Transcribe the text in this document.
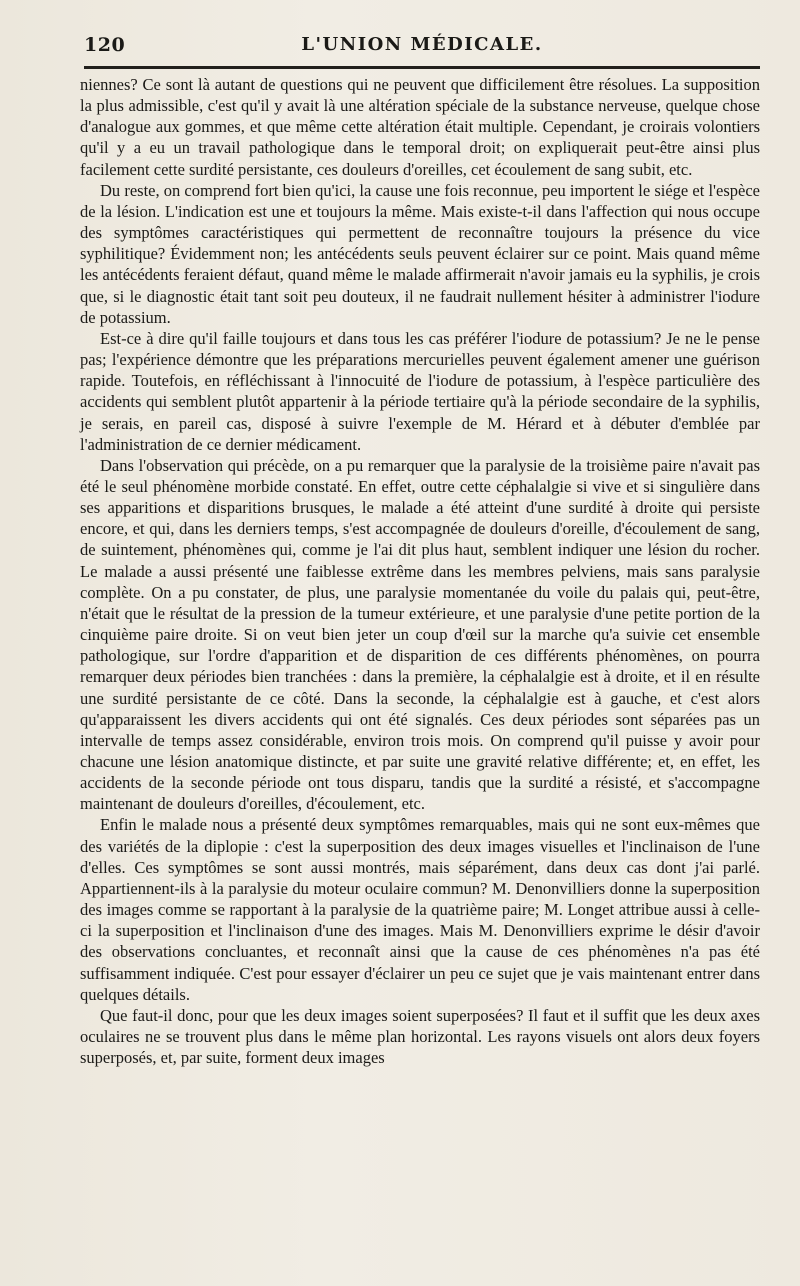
120	L'UNION MÉDICALE.

niennes? Ce sont là autant de questions qui ne peuvent que difficilement être résolues. La supposition la plus admissible, c'est qu'il y avait là une altération spéciale de la substance nerveuse, quelque chose d'analogue aux gommes, et que même cette altération était multiple. Cependant, je croirais volontiers qu'il y a eu un travail pathologique dans le temporal droit; on expliquerait peut-être ainsi plus facilement cette surdité persistante, ces douleurs d'oreilles, cet écoulement de sang subit, etc.

Du reste, on comprend fort bien qu'ici, la cause une fois reconnue, peu importent le siége et l'espèce de la lésion. L'indication est une et toujours la même. Mais existe-t-il dans l'affection qui nous occupe des symptômes caractéristiques qui permettent de reconnaître toujours la présence du vice syphilitique? Évidemment non; les antécédents seuls peuvent éclairer sur ce point. Mais quand même les antécédents feraient défaut, quand même le malade affirmerait n'avoir jamais eu la syphilis, je crois que, si le diagnostic était tant soit peu douteux, il ne faudrait nullement hésiter à administrer l'iodure de potassium.

Est-ce à dire qu'il faille toujours et dans tous les cas préférer l'iodure de potassium? Je ne le pense pas; l'expérience démontre que les préparations mercurielles peuvent également amener une guérison rapide. Toutefois, en réfléchissant à l'innocuité de l'iodure de potassium, à l'espèce particulière des accidents qui semblent plutôt appartenir à la période tertiaire qu'à la période secondaire de la syphilis, je serais, en pareil cas, disposé à suivre l'exemple de M. Hérard et à débuter d'emblée par l'administration de ce dernier médicament.

Dans l'observation qui précède, on a pu remarquer que la paralysie de la troisième paire n'avait pas été le seul phénomène morbide constaté. En effet, outre cette céphalalgie si vive et si singulière dans ses apparitions et disparitions brusques, le malade a été atteint d'une surdité à droite qui persiste encore, et qui, dans les derniers temps, s'est accompagnée de douleurs d'oreille, d'écoulement de sang, de suintement, phénomènes qui, comme je l'ai dit plus haut, semblent indiquer une lésion du rocher. Le malade a aussi présenté une faiblesse extrême dans les membres pelviens, mais sans paralysie complète. On a pu constater, de plus, une paralysie momentanée du voile du palais qui, peut-être, n'était que le résultat de la pression de la tumeur extérieure, et une paralysie d'une petite portion de la cinquième paire droite. Si on veut bien jeter un coup d'œil sur la marche qu'a suivie cet ensemble pathologique, sur l'ordre d'apparition et de disparition de ces différents phénomènes, on pourra remarquer deux périodes bien tranchées : dans la première, la céphalalgie est à droite, et il en résulte une surdité persistante de ce côté. Dans la seconde, la céphalalgie est à gauche, et c'est alors qu'apparaissent les divers accidents qui ont été signalés. Ces deux périodes sont séparées pas un intervalle de temps assez considérable, environ trois mois. On comprend qu'il puisse y avoir pour chacune une lésion anatomique distincte, et par suite une gravité relative différente; et, en effet, les accidents de la seconde période ont tous disparu, tandis que la surdité a résisté, et s'accompagne maintenant de douleurs d'oreilles, d'écoulement, etc.

Enfin le malade nous a présenté deux symptômes remarquables, mais qui ne sont eux-mêmes que des variétés de la diplopie : c'est la superposition des deux images visuelles et l'inclinaison de l'une d'elles. Ces symptômes se sont aussi montrés, mais séparément, dans deux cas dont j'ai parlé. Appartiennent-ils à la paralysie du moteur oculaire commun? M. Denonvilliers donne la superposition des images comme se rapportant à la paralysie de la quatrième paire; M. Longet attribue aussi à celle-ci la superposition et l'inclinaison d'une des images. Mais M. Denonvilliers exprime le désir d'avoir des observations concluantes, et reconnaît ainsi que la cause de ces phénomènes n'a pas été suffisamment indiquée. C'est pour essayer d'éclairer un peu ce sujet que je vais maintenant entrer dans quelques détails.

Que faut-il donc, pour que les deux images soient superposées? Il faut et il suffit que les deux axes oculaires ne se trouvent plus dans le même plan horizontal. Les rayons visuels ont alors deux foyers superposés, et, par suite, forment deux images
